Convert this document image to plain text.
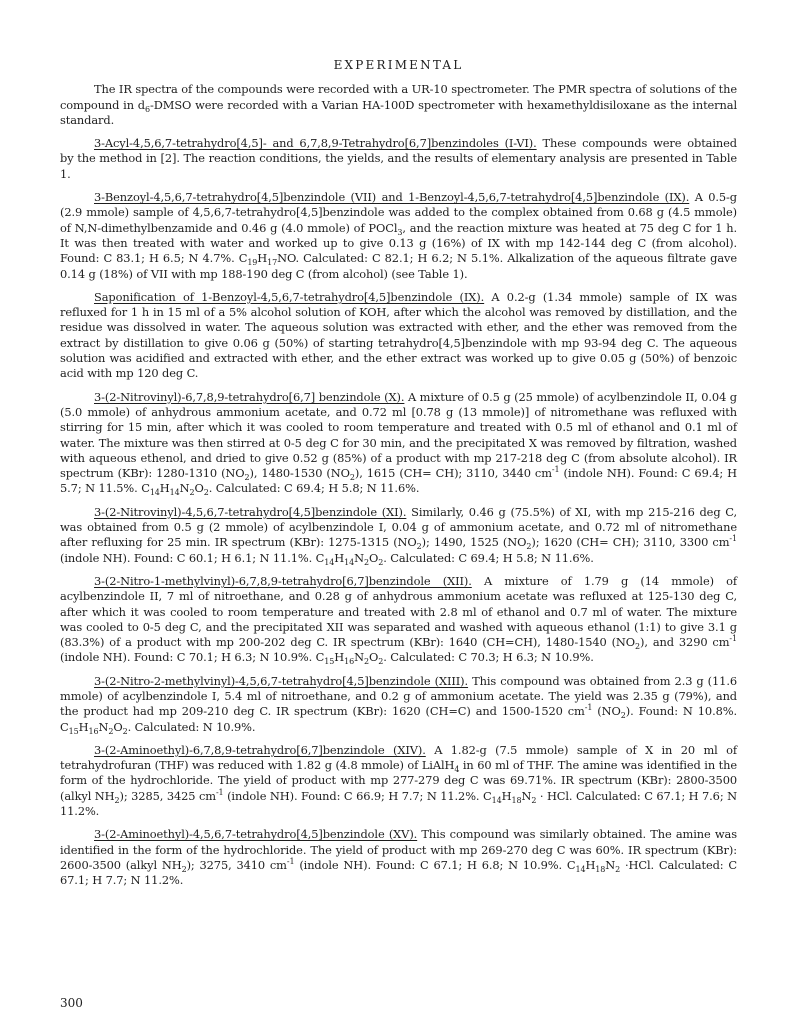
EXPERIMENTAL

The IR spectra of the compounds were recorded with a UR-10 spectrometer. The PMR spectra of solutions of the compound in $d_6$-DMSO were recorded with a Varian HA-100D spectrometer with hexamethyldisiloxane as the internal standard.

3-Acyl-4,5,6,7-tetrahydro[4,5]- and 6,7,8,9-Tetrahydro[6,7]benzindoles (I-VI). These compounds were obtained by the method in [2]. The reaction conditions, the yields, and the results of elementary analysis are presented in Table 1.

3-Benzoyl-4,5,6,7-tetrahydro[4,5]benzindole (VII) and 1-Benzoyl-4,5,6,7-tetrahydro[4,5]benzindole (IX). A 0.5-g (2.9 mmole) sample of 4,5,6,7-tetrahydro[4,5]benzindole was added to the complex obtained from 0.68 g (4.5 mmole) of N,N-dimethylbenzamide and 0.46 g (4.0 mmole) of POCl$_3$, and the reaction mixture was heated at 75 deg C for 1 h. It was then treated with water and worked up to give 0.13 g (16%) of IX with mp 142-144 deg C (from alcohol). Found: C 83.1; H 6.5; N 4.7%. $C_{19}H_{17}NO$. Calculated: C 82.1; H 6.2; N 5.1%. Alkalization of the aqueous filtrate gave 0.14 g (18%) of VII with mp 188-190 deg C (from alcohol) (see Table 1).

Saponification of 1-Benzoyl-4,5,6,7-tetrahydro[4,5]benzindole (IX). A 0.2-g (1.34 mmole) sample of IX was refluxed for 1 h in 15 ml of a 5% alcohol solution of KOH, after which the alcohol was removed by distillation, and the residue was dissolved in water. The aqueous solution was extracted with ether, and the ether was removed from the extract by distillation to give 0.06 g (50%) of starting tetrahydro[4,5]benzindole with mp 93-94 deg C. The aqueous solution was acidified and extracted with ether, and the ether extract was worked up to give 0.05 g (50%) of benzoic acid with mp 120 deg C.

3-(2-Nitrovinyl)-6,7,8,9-tetrahydro[6,7] benzindole (X). A mixture of 0.5 g (25 mmole) of acylbenzindole II, 0.04 g (5.0 mmole) of anhydrous ammonium acetate, and 0.72 ml [0.78 g (13 mmole)] of nitromethane was refluxed with stirring for 15 min, after which it was cooled to room temperature and treated with 0.5 ml of ethanol and 0.1 ml of water. The mixture was then stirred at 0-5 deg C for 30 min, and the precipitated X was removed by filtration, washed with aqueous ethenol, and dried to give 0.52 g (85%) of a product with mp 217-218 deg C (from absolute alcohol). IR spectrum (KBr): 1280-1310 $(NO_2)$, 1480-1530 $(NO_2)$, 1615 (CH= CH); 3110, 3440 $cm^{-1}$ (indole NH). Found: C 69.4; H 5.7; N 11.5%. $C_{14}H_{14}N_2O_2$. Calculated: C 69.4; H 5.8; N 11.6%.

3-(2-Nitrovinyl)-4,5,6,7-tetrahydro[4,5]benzindole (XI). Similarly, 0.46 g (75.5%) of XI, with mp 215-216 deg C, was obtained from 0.5 g (2 mmole) of acylbenzindole I, 0.04 g of ammonium acetate, and 0.72 ml of nitromethane after refluxing for 25 min. IR spectrum (KBr): 1275-1315 $(NO_2)$; 1490, 1525 $(NO_2)$; 1620 (CH= CH); 3110, 3300 $cm^{-1}$ (indole NH). Found: C 60.1; H 6.1; N 11.1%. $C_{14}H_{14}N_2O_2$. Calculated: C 69.4; H 5.8; N 11.6%.

3-(2-Nitro-1-methylvinyl)-6,7,8,9-tetrahydro[6,7]benzindole (XII). A mixture of 1.79 g (14 mmole) of acylbenzindole II, 7 ml of nitroethane, and 0.28 g of anhydrous ammonium acetate was refluxed at 125-130 deg C, after which it was cooled to room temperature and treated with 2.8 ml of ethanol and 0.7 ml of water. The mixture was cooled to 0-5 deg C, and the precipitated XII was separated and washed with aqueous ethanol (1:1) to give 3.1 g (83.3%) of a product with mp 200-202 deg C. IR spectrum (KBr): 1640 (CH=CH), 1480-1540 $(NO_2)$, and 3290 $cm^{-1}$ (indole NH). Found: C 70.1; H 6.3; N 10.9%. $C_{15}H_{16}N_2O_2$. Calculated: C 70.3; H 6.3; N 10.9%.

3-(2-Nitro-2-methylvinyl)-4,5,6,7-tetrahydro[4,5]benzindole (XIII). This compound was obtained from 2.3 g (11.6 mmole) of acylbenzindole I, 5.4 ml of nitroethane, and 0.2 g of ammonium acetate. The yield was 2.35 g (79%), and the product had mp 209-210 deg C. IR spectrum (KBr): 1620 (CH=C) and 1500-1520 $cm^{-1}$ $(NO_2)$. Found: N 10.8%. $C_{15}H_{16}N_2O_2$. Calculated: N 10.9%.

3-(2-Aminoethyl)-6,7,8,9-tetrahydro[6,7]benzindole (XIV). A 1.82-g (7.5 mmole) sample of X in 20 ml of tetrahydrofuran (THF) was reduced with 1.82 g (4.8 mmole) of LiAlH$_4$ in 60 ml of THF. The amine was identified in the form of the hydrochloride. The yield of product with mp 277-279 deg C was 69.71%. IR spectrum (KBr): 2800-3500 (alkyl $NH_2$); 3285, 3425 $cm^{-1}$ (indole NH). Found: C 66.9; H 7.7; N 11.2%. $C_{14}H_{18}N_2$ · HCl. Calculated: C 67.1; H 7.6; N 11.2%.

3-(2-Aminoethyl)-4,5,6,7-tetrahydro[4,5]benzindole (XV). This compound was similarly obtained. The amine was identified in the form of the hydrochloride. The yield of product with mp 269-270 deg C was 60%. IR spectrum (KBr): 2600-3500 (alkyl $NH_2$); 3275, 3410 $cm^{-1}$ (indole NH). Found: C 67.1; H 6.8; N 10.9%. $C_{14}H_{18}N_2 \cdot HCl$. Calculated: C 67.1; H 7.7; N 11.2%.

300
